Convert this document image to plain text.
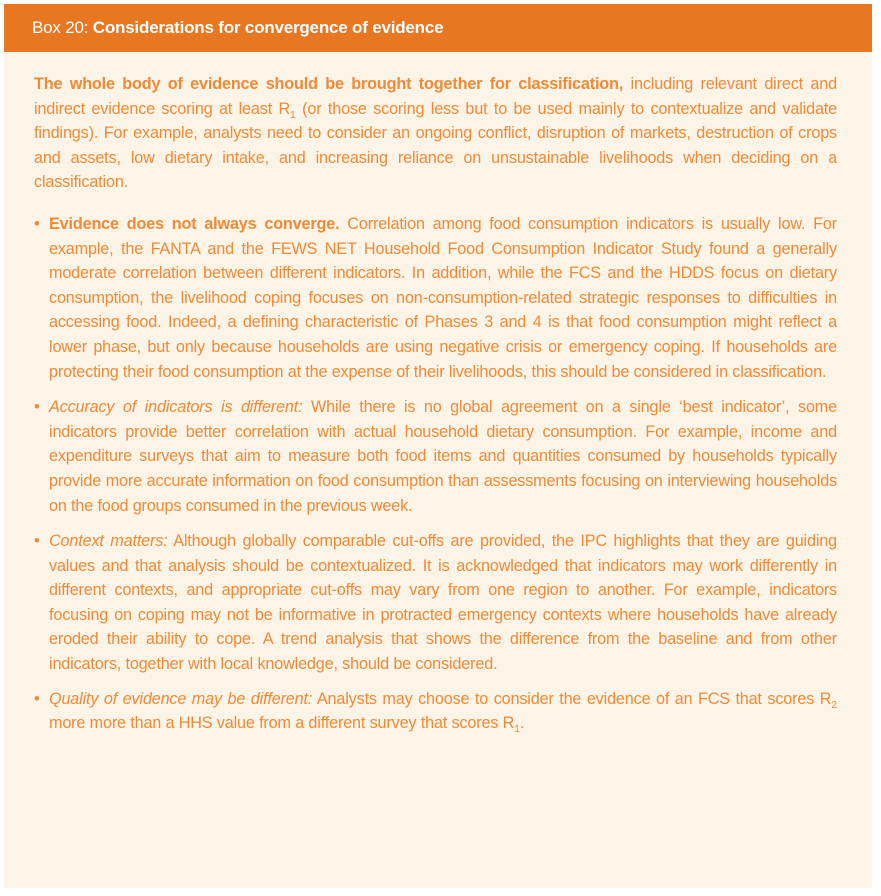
Box 20: Considerations for convergence of evidence

The whole body of evidence should be brought together for classification, including relevant direct and indirect evidence scoring at least $R_1$ (or those scoring less but to be used mainly to contextualize and validate findings). For example, analysts need to consider an ongoing conflict, disruption of markets, destruction of crops and assets, low dietary intake, and increasing reliance on unsustainable livelihoods when deciding on a classification.

• Evidence does not always converge. Correlation among food consumption indicators is usually low. For example, the FANTA and the FEWS NET Household Food Consumption Indicator Study found a generally moderate correlation between different indicators. In addition, while the FCS and the HDDS focus on dietary consumption, the livelihood coping focuses on non-consumption-related strategic responses to difficulties in accessing food. Indeed, a defining characteristic of Phases 3 and 4 is that food consumption might reflect a lower phase, but only because households are using negative crisis or emergency coping. If households are protecting their food consumption at the expense of their livelihoods, this should be considered in classification.
• Accuracy of indicators is different: While there is no global agreement on a single ‘best indicator’, some indicators provide better correlation with actual household dietary consumption. For example, income and expenditure surveys that aim to measure both food items and quantities consumed by households typically provide more accurate information on food consumption than assessments focusing on interviewing households on the food groups consumed in the previous week.
• Context matters: Although globally comparable cut-offs are provided, the IPC highlights that they are guiding values and that analysis should be contextualized. It is acknowledged that indicators may work differently in different contexts, and appropriate cut-offs may vary from one region to another. For example, indicators focusing on coping may not be informative in protracted emergency contexts where households have already eroded their ability to cope. A trend analysis that shows the difference from the baseline and from other indicators, together with local knowledge, should be considered.
• Quality of evidence may be different: Analysts may choose to consider the evidence of an FCS that scores $R_2$ more more than a HHS value from a different survey that scores $R_1$.
